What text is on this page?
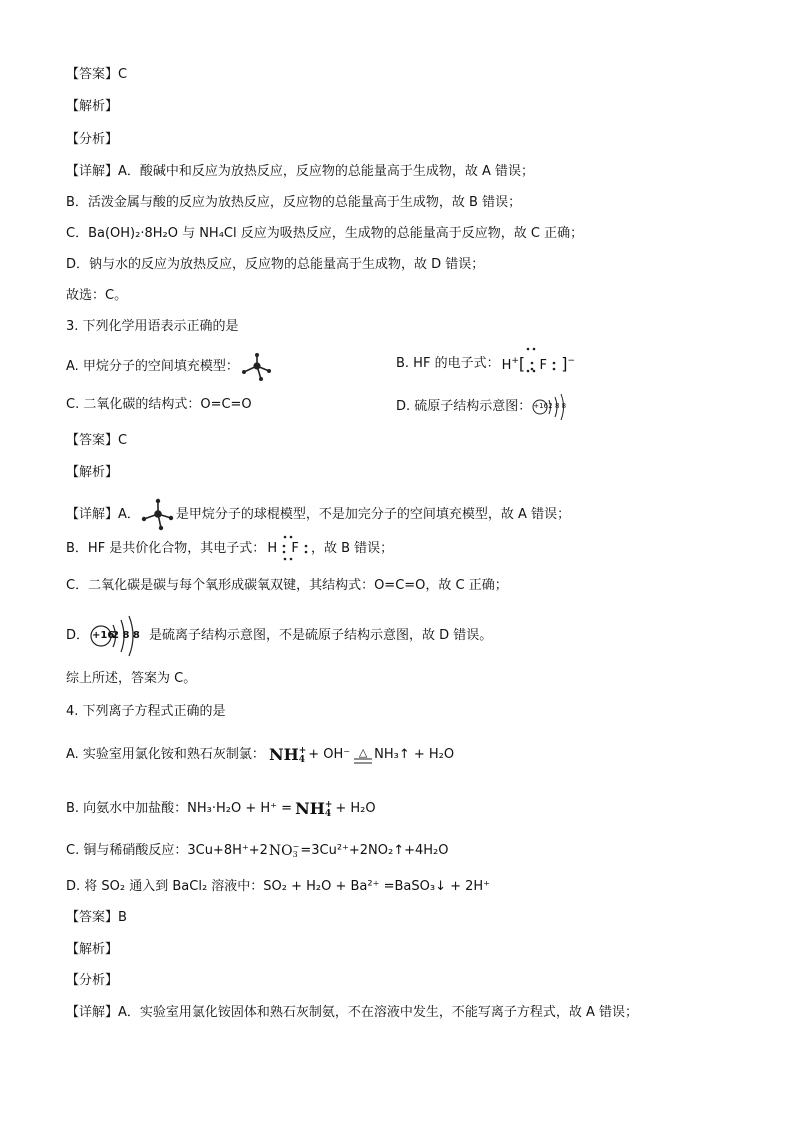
【答案】C
【解析】
【分析】
【详解】A．酸碱中和反应为放热反应，反应物的总能量高于生成物，故 A 错误；
B．活泼金属与酸的反应为放热反应，反应物的总能量高于生成物，故 B 错误；
C．Ba(OH)₂·8H₂O 与 NH₄Cl 反应为吸热反应，生成物的总能量高于反应物，故 C 正确；
D．钠与水的反应为放热反应，反应物的总能量高于生成物，故 D 错误；
故选：C。
3. 下列化学用语表示正确的是
A. 甲烷分子的空间填充模型：	B. HF 的电子式： H+[ F ]−
C. 二氧化碳的结构式：O=C=O	D. 硫原子结构示意图： +16 2 8 8
【答案】C
【解析】
【详解】A．	是甲烷分子的球棍模型，不是加完分子的空间填充模型，故 A 错误；
B．HF 是共价化合物，其电子式： H F ，故 B 错误；
C．二氧化碳是碳与每个氧形成碳氧双键，其结构式：O=C=O，故 C 正确；
D． +16
2 8 8 是硫离子结构示意图，不是硫原子结构示意图，故 D 错误。
综上所述，答案为 C。
4. 下列离子方程式正确的是
A. 实验室用氯化铵和熟石灰制氯： NH +
4 + OH⁻ △ NH₃↑ + H₂O
B. 向氨水中加盐酸：NH₃·H₂O + H⁺ = NH +
4 + H₂O
C. 铜与稀硝酸反应：3Cu+8H⁺+2 NO −
3 =3Cu²⁺+2NO₂↑+4H₂O
D. 将 SO₂ 通入到 BaCl₂ 溶液中：SO₂ + H₂O + Ba²⁺ =BaSO₃↓ + 2H⁺
【答案】B
【解析】
【分析】
【详解】A．实验室用氯化铵固体和熟石灰制氨，不在溶液中发生，不能写离子方程式，故 A 错误；
